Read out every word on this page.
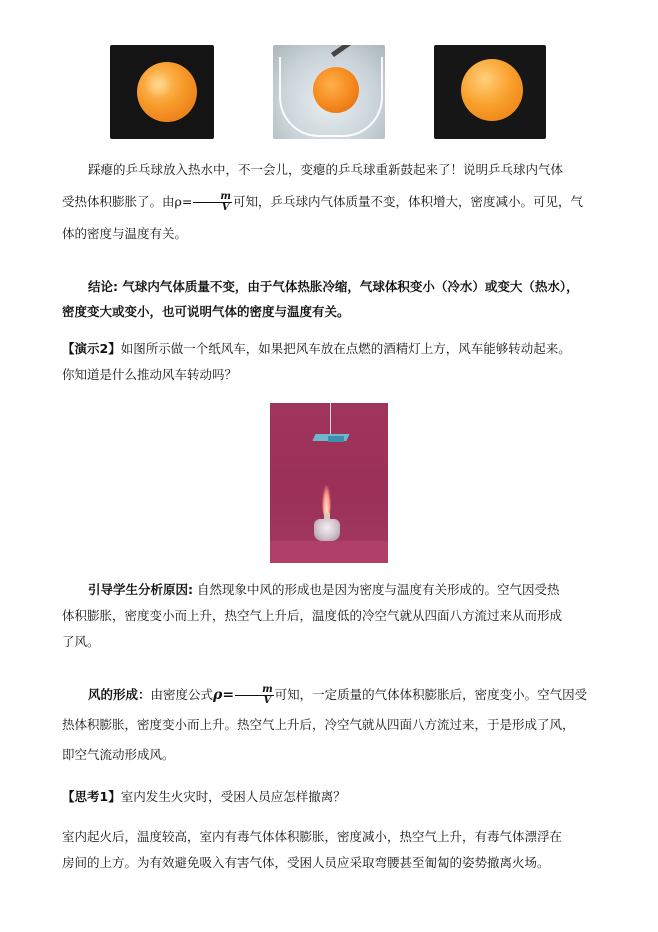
踩瘪的乒乓球放入热水中，不一会儿，变瘪的乒乓球重新鼓起来了！说明乒乓球内气体
受热体积膨胀了。由$\rho= \frac{m}{V}$ 可知，乒乓球内气体质量不变，体积增大，密度减小。可见，气
体的密度与温度有关。

结论: 气球内气体质量不变，由于气体热胀冷缩，气球体积变小（冷水）或变大（热水），
密度变大或变小，也可说明气体的密度与温度有关。

【演示2】如图所示做一个纸风车，如果把风车放在点燃的酒精灯上方，风车能够转动起来。
你知道是什么推动风车转动吗？

引导学生分析原因: 自然现象中风的形成也是因为密度与温度有关形成的。空气因受热
体积膨胀，密度变小而上升，热空气上升后，温度低的冷空气就从四面八方流过来从而形成
了风。

风的形成：由密度公式$\rho= \frac{m}{V}$ 可知，一定质量的气体体积膨胀后，密度变小。空气因受
热体积膨胀，密度变小而上升。热空气上升后，冷空气就从四面八方流过来，于是形成了风，
即空气流动形成风。

【思考1】室内发生火灾时，受困人员应怎样撤离？

室内起火后，温度较高，室内有毒气体体积膨胀，密度减小，热空气上升，有毒气体漂浮在
房间的上方。为有效避免吸入有害气体，受困人员应采取弯腰甚至匍匐的姿势撤离火场。
